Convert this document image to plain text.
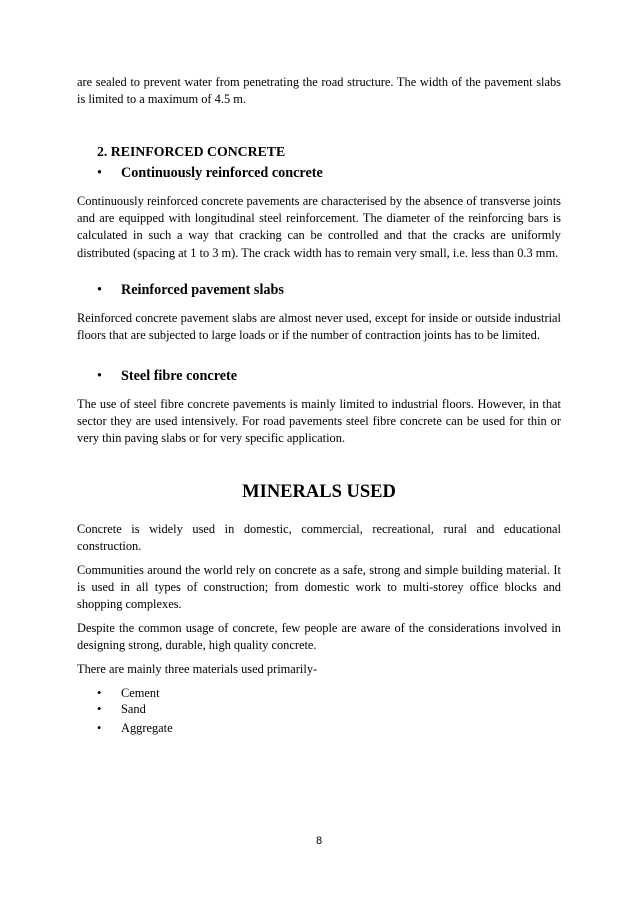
are sealed to prevent water from penetrating the road structure. The width of the pavement slabs is limited to a maximum of 4.5 m.

2. REINFORCED CONCRETE

• Continuously reinforced concrete

Continuously reinforced concrete pavements are characterised by the absence of transverse joints and are equipped with longitudinal steel reinforcement. The diameter of the reinforcing bars is calculated in such a way that cracking can be controlled and that the cracks are uniformly distributed (spacing at 1 to 3 m). The crack width has to remain very small, i.e. less than 0.3 mm.

• Reinforced pavement slabs

Reinforced concrete pavement slabs are almost never used, except for inside or outside industrial floors that are subjected to large loads or if the number of contraction joints has to be limited.

• Steel fibre concrete

The use of steel fibre concrete pavements is mainly limited to industrial floors. However, in that sector they are used intensively. For road pavements steel fibre concrete can be used for thin or very thin paving slabs or for very specific application.

MINERALS USED

Concrete is widely used in domestic, commercial, recreational, rural and educational construction.

Communities around the world rely on concrete as a safe, strong and simple building material. It is used in all types of construction; from domestic work to multi-storey office blocks and shopping complexes.

Despite the common usage of concrete, few people are aware of the considerations involved in designing strong, durable, high quality concrete.

There are mainly three materials used primarily-

• Cement

• Sand

• Aggregate

8
